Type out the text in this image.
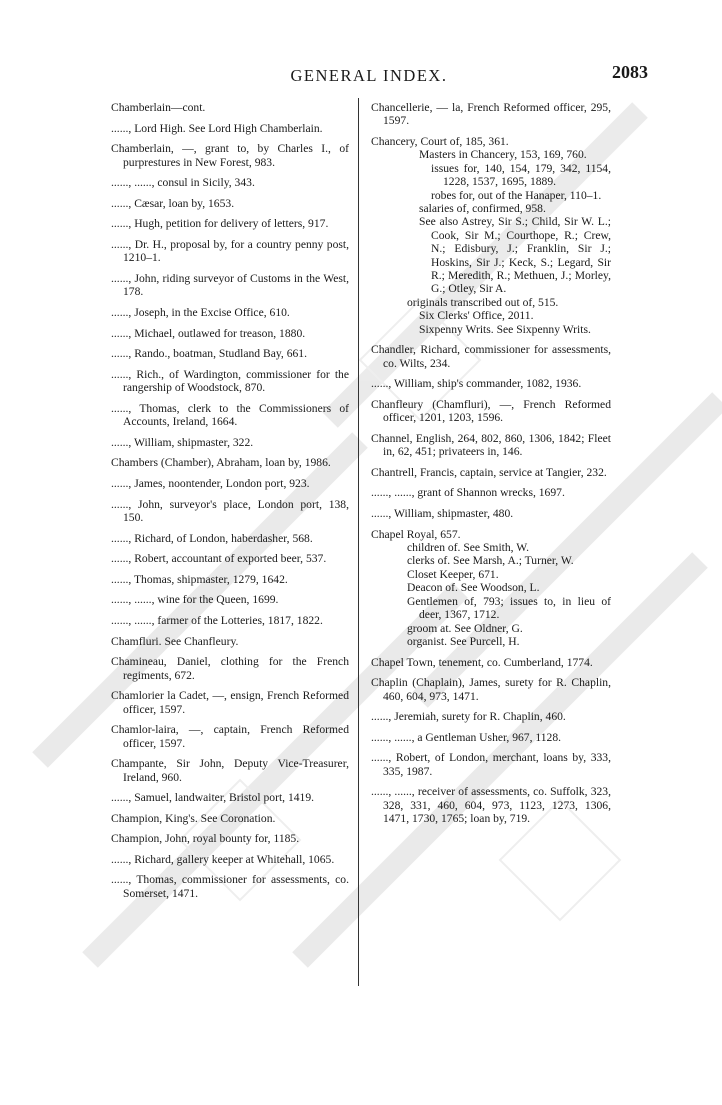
GENERAL INDEX.	2083

Chamberlain—cont.

......, Lord High. See Lord High Chamberlain.

Chamberlain, —, grant to, by Charles I., of purprestures in New Forest, 983.

......, ......, consul in Sicily, 343.

......, Cæsar, loan by, 1653.

......, Hugh, petition for delivery of letters, 917.

......, Dr. H., proposal by, for a country penny post, 1210–1.

......, John, riding surveyor of Customs in the West, 178.

......, Joseph, in the Excise Office, 610.

......, Michael, outlawed for treason, 1880.

......, Rando., boatman, Studland Bay, 661.

......, Rich., of Wardington, commissioner for the rangership of Woodstock, 870.

......, Thomas, clerk to the Commissioners of Accounts, Ireland, 1664.

......, William, shipmaster, 322.

Chambers (Chamber), Abraham, loan by, 1986.

......, James, noontender, London port, 923.

......, John, surveyor's place, London port, 138, 150.

......, Richard, of London, haberdasher, 568.

......, Robert, accountant of exported beer, 537.

......, Thomas, shipmaster, 1279, 1642.

......, ......, wine for the Queen, 1699.

......, ......, farmer of the Lotteries, 1817, 1822.

Chamfluri. See Chanfleury.

Chamineau, Daniel, clothing for the French regiments, 672.

Chamlorier la Cadet, —, ensign, French Reformed officer, 1597.

Chamlor-laira, —, captain, French Reformed officer, 1597.

Champante, Sir John, Deputy Vice-Treasurer, Ireland, 960.

......, Samuel, landwaiter, Bristol port, 1419.

Champion, King's. See Coronation.

Champion, John, royal bounty for, 1185.

......, Richard, gallery keeper at Whitehall, 1065.

......, Thomas, commissioner for assessments, co. Somerset, 1471.

Chancellerie, — la, French Reformed officer, 295, 1597.

Chancery, Court of, 185, 361.

Masters in Chancery, 153, 169, 760.

issues for, 140, 154, 179, 342, 1154, 1228, 1537, 1695, 1889.

robes for, out of the Hanaper, 110–1.

salaries of, confirmed, 958.

See also Astrey, Sir S.; Child, Sir W. L.; Cook, Sir M.; Courthope, R.; Crew, N.; Edisbury, J.; Franklin, Sir J.; Hoskins, Sir J.; Keck, S.; Legard, Sir R.; Meredith, R.; Methuen, J.; Morley, G.; Otley, Sir A.

originals transcribed out of, 515.

Six Clerks' Office, 2011.

Sixpenny Writs. See Sixpenny Writs.

Chandler, Richard, commissioner for assessments, co. Wilts, 234.

......, William, ship's commander, 1082, 1936.

Chanfleury (Chamfluri), —, French Reformed officer, 1201, 1203, 1596.

Channel, English, 264, 802, 860, 1306, 1842; Fleet in, 62, 451; privateers in, 146.

Chantrell, Francis, captain, service at Tangier, 232.

......, ......, grant of Shannon wrecks, 1697.

......, William, shipmaster, 480.

Chapel Royal, 657.

children of. See Smith, W.

clerks of. See Marsh, A.; Turner, W.

Closet Keeper, 671.

Deacon of. See Woodson, L.

Gentlemen of, 793; issues to, in lieu of deer, 1367, 1712.

groom at. See Oldner, G.

organist. See Purcell, H.

Chapel Town, tenement, co. Cumberland, 1774.

Chaplin (Chaplain), James, surety for R. Chaplin, 460, 604, 973, 1471.

......, Jeremiah, surety for R. Chaplin, 460.

......, ......, a Gentleman Usher, 967, 1128.

......, Robert, of London, merchant, loans by, 333, 335, 1987.

......, ......, receiver of assessments, co. Suffolk, 323, 328, 331, 460, 604, 973, 1123, 1273, 1306, 1471, 1730, 1765; loan by, 719.
